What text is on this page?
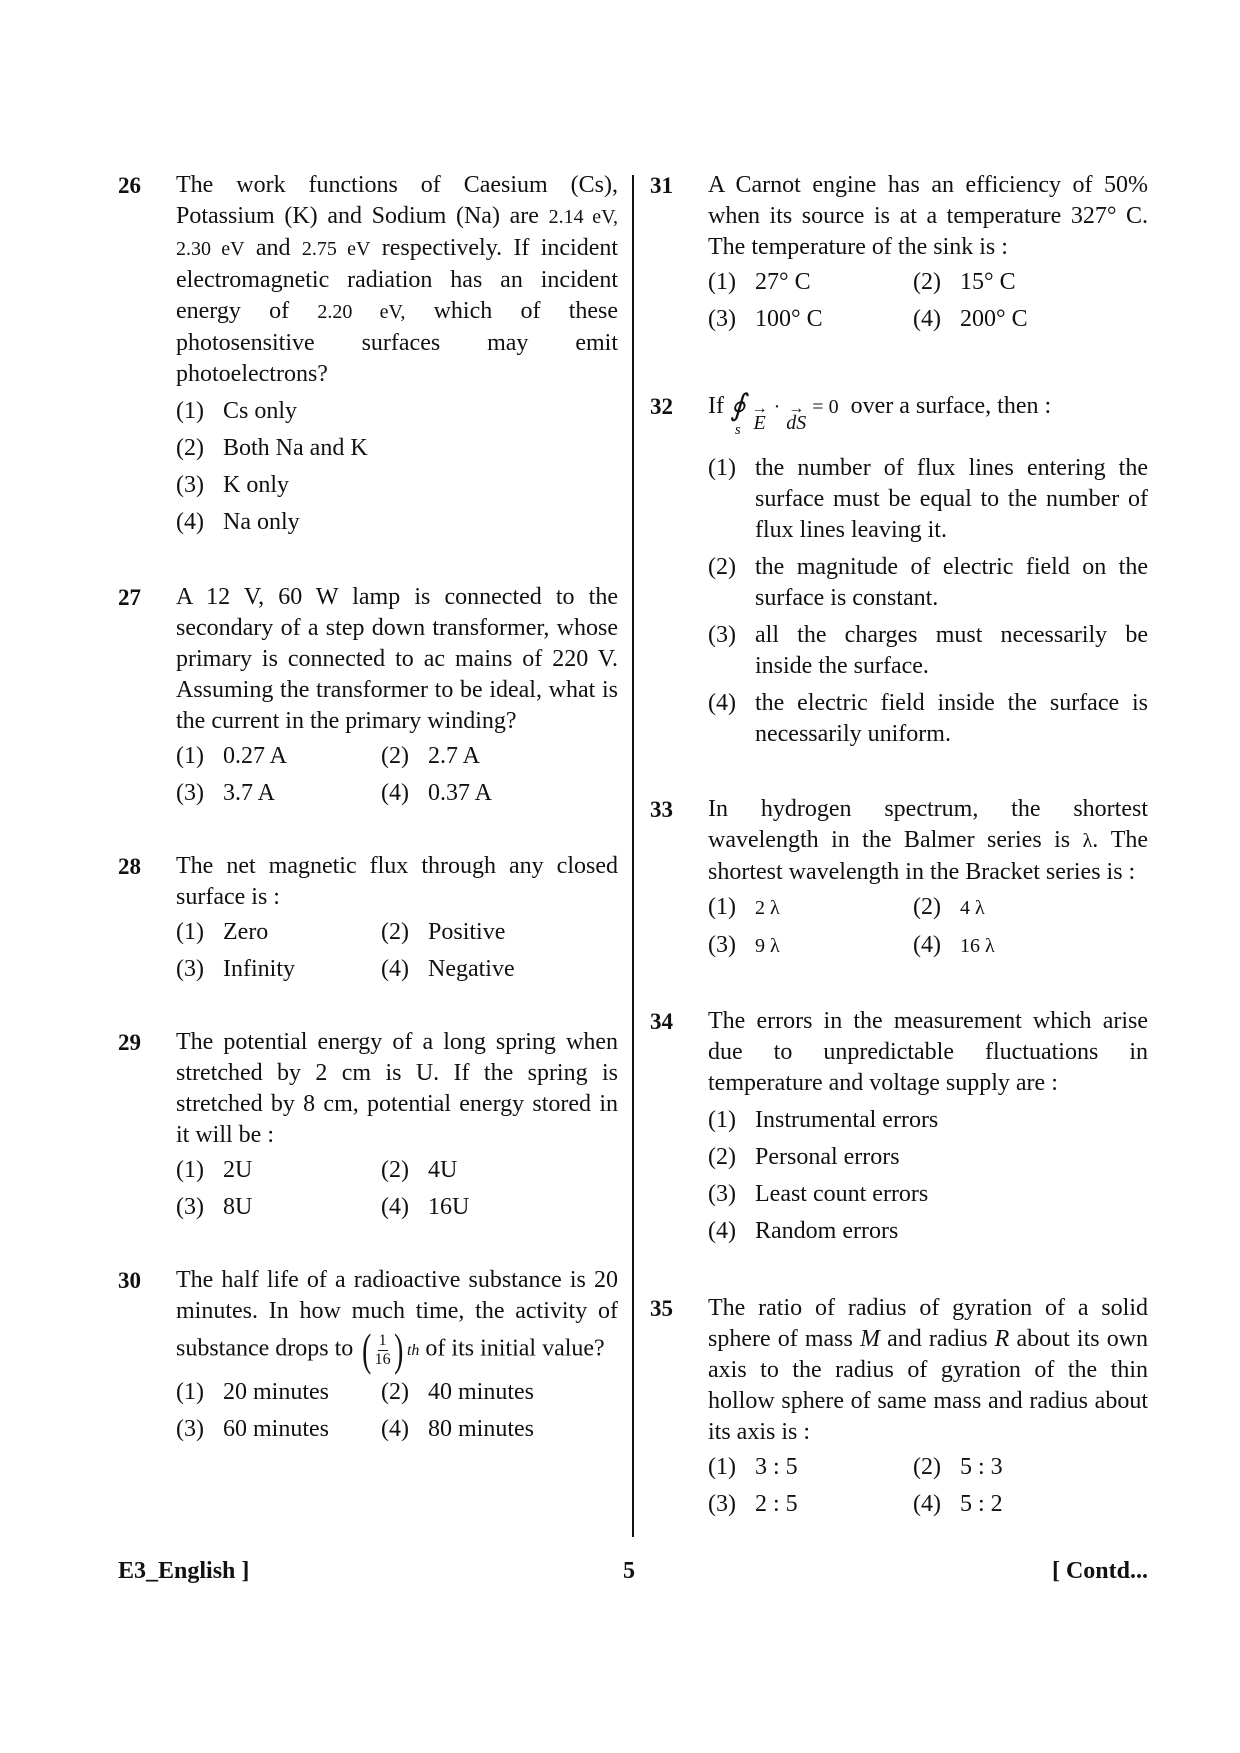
26 The work functions of Caesium (Cs), Potassium (K) and Sodium (Na) are 2.14 eV, 2.30 eV and 2.75 eV respectively. If incident electromagnetic radiation has an incident energy of 2.20 eV, which of these photosensitive surfaces may emit photoelectrons?
(1) Cs only
(2) Both Na and K
(3) K only
(4) Na only
27 A 12 V, 60 W lamp is connected to the secondary of a step down transformer, whose primary is connected to ac mains of 220 V. Assuming the transformer to be ideal, what is the current in the primary winding?
(1) 0.27 A	(2) 2.7 A
(3) 3.7 A	(4) 0.37 A
28 The net magnetic flux through any closed surface is :
(1) Zero	(2) Positive
(3) Infinity	(4) Negative
29 The potential energy of a long spring when stretched by 2 cm is U. If the spring is stretched by 8 cm, potential energy stored in it will be :
(1) 2U	(2) 4U
(3) 8U	(4) 16U
30 The half life of a radioactive substance is 20 minutes. In how much time, the activity of substance drops to ( 1
16 ) th of its initial value?
(1) 20 minutes	(2) 40 minutes
(3) 60 minutes	(4) 80 minutes
31 A Carnot engine has an efficiency of 50% when its source is at a temperature 327° C. The temperature of the sink is :
(1) 27° C	(2) 15° C
(3) 100° C	(4) 200° C
32 If ∮
s

→
E
· →
dS
= 0 over a surface, then :
(1) the number of flux lines entering the surface must be equal to the number of flux lines leaving it.
(2) the magnitude of electric field on the surface is constant.
(3) all the charges must necessarily be inside the surface.
(4) the electric field inside the surface is necessarily uniform.
33 In hydrogen spectrum, the shortest wavelength in the Balmer series is λ. The shortest wavelength in the Bracket series is :
(1) 2 λ	(2) 4 λ
(3) 9 λ	(4) 16 λ
34 The errors in the measurement which arise due to unpredictable fluctuations in temperature and voltage supply are :
(1) Instrumental errors
(2) Personal errors
(3) Least count errors
(4) Random errors
35 The ratio of radius of gyration of a solid sphere of mass M and radius R about its own axis to the radius of gyration of the thin hollow sphere of same mass and radius about its axis is :
(1) 3 : 5	(2) 5 : 3
(3) 2 : 5	(4) 5 : 2
E3_English ]	5	[ Contd...
